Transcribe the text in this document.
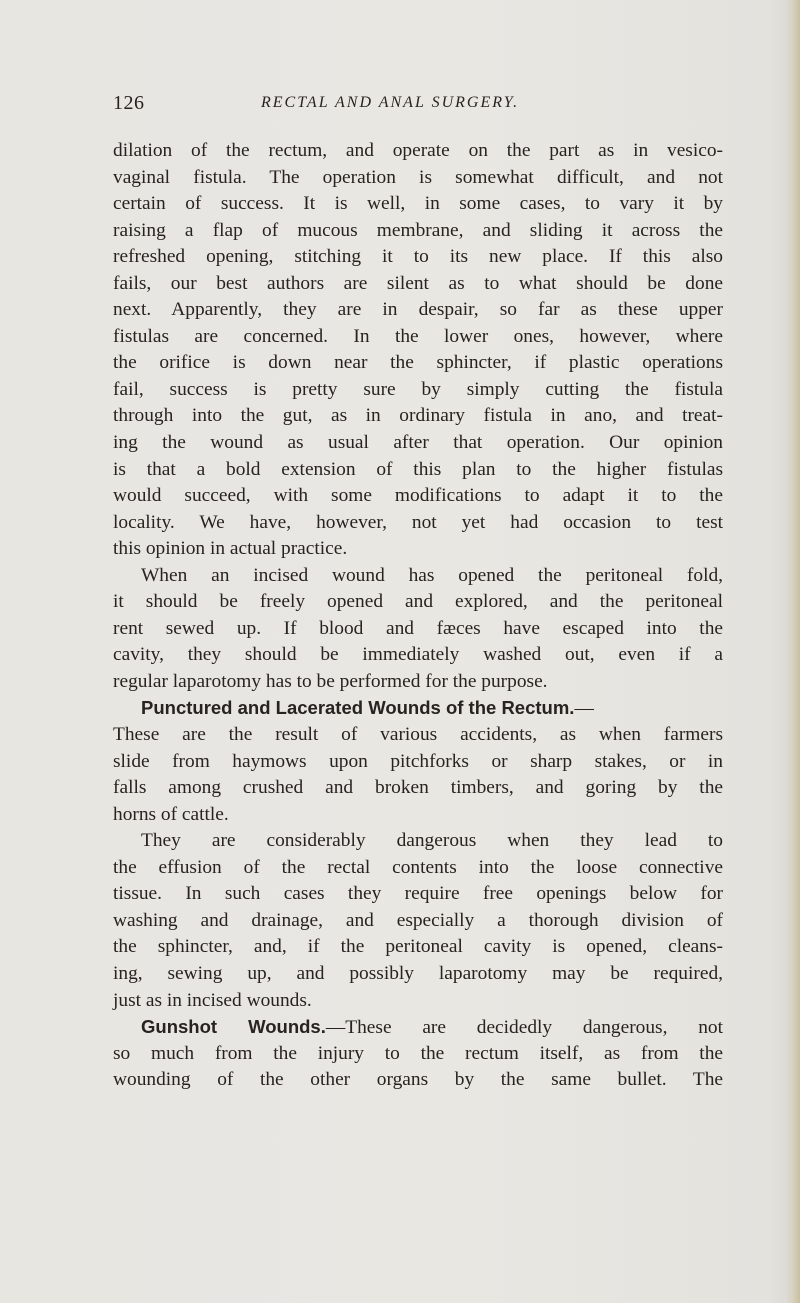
126	RECTAL AND ANAL SURGERY.
dilation of the rectum, and operate on the part as in vesico-
vaginal fistula. The operation is somewhat difficult, and not
certain of success. It is well, in some cases, to vary it by
raising a flap of mucous membrane, and sliding it across the
refreshed opening, stitching it to its new place. If this also
fails, our best authors are silent as to what should be done
next. Apparently, they are in despair, so far as these upper
fistulas are concerned. In the lower ones, however, where
the orifice is down near the sphincter, if plastic operations
fail, success is pretty sure by simply cutting the fistula
through into the gut, as in ordinary fistula in ano, and treat-
ing the wound as usual after that operation. Our opinion
is that a bold extension of this plan to the higher fistulas
would succeed, with some modifications to adapt it to the
locality. We have, however, not yet had occasion to test
this opinion in actual practice.
When an incised wound has opened the peritoneal fold,
it should be freely opened and explored, and the peritoneal
rent sewed up. If blood and fæces have escaped into the
cavity, they should be immediately washed out, even if a
regular laparotomy has to be performed for the purpose.
Punctured and Lacerated Wounds of the Rectum.—
These are the result of various accidents, as when farmers
slide from haymows upon pitchforks or sharp stakes, or in
falls among crushed and broken timbers, and goring by the
horns of cattle.
They are considerably dangerous when they lead to
the effusion of the rectal contents into the loose connective
tissue. In such cases they require free openings below for
washing and drainage, and especially a thorough division of
the sphincter, and, if the peritoneal cavity is opened, cleans-
ing, sewing up, and possibly laparotomy may be required,
just as in incised wounds.
Gunshot Wounds.—These are decidedly dangerous, not
so much from the injury to the rectum itself, as from the
wounding of the other organs by the same bullet. The
